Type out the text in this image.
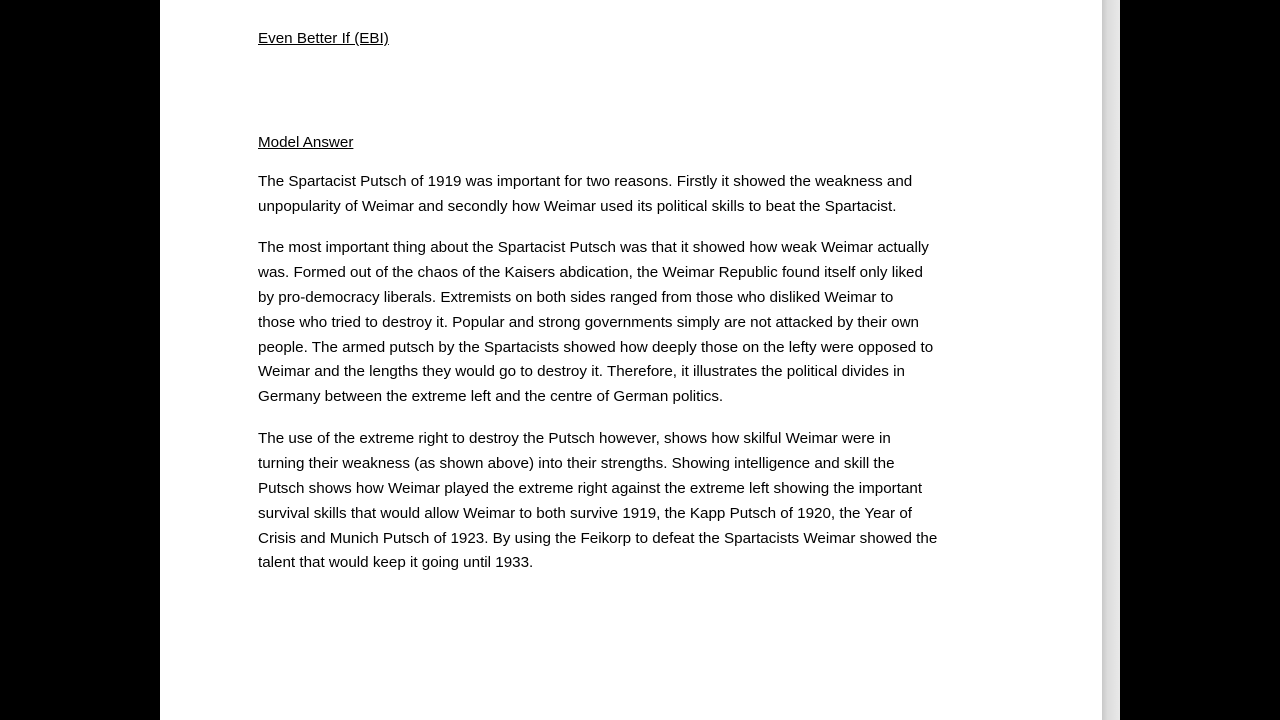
Even Better If (EBI)

Model Answer

The Spartacist Putsch of 1919 was important for two reasons. Firstly it showed the weakness and
unpopularity of Weimar and secondly how Weimar used its political skills to beat the Spartacist.

The most important thing about the Spartacist Putsch was that it showed how weak Weimar actually
was. Formed out of the chaos of the Kaisers abdication, the Weimar Republic found itself only liked
by pro-democracy liberals. Extremists on both sides ranged from those who disliked Weimar to
those who tried to destroy it. Popular and strong governments simply are not attacked by their own
people. The armed putsch by the Spartacists showed how deeply those on the lefty were opposed to
Weimar and the lengths they would go to destroy it. Therefore, it illustrates the political divides in
Germany between the extreme left and the centre of German politics.

The use of the extreme right to destroy the Putsch however, shows how skilful Weimar were in
turning their weakness (as shown above) into their strengths. Showing intelligence and skill the
Putsch shows how Weimar played the extreme right against the extreme left showing the important
survival skills that would allow Weimar to both survive 1919, the Kapp Putsch of 1920, the Year of
Crisis and Munich Putsch of 1923. By using the Feikorp to defeat the Spartacists Weimar showed the
talent that would keep it going until 1933.
